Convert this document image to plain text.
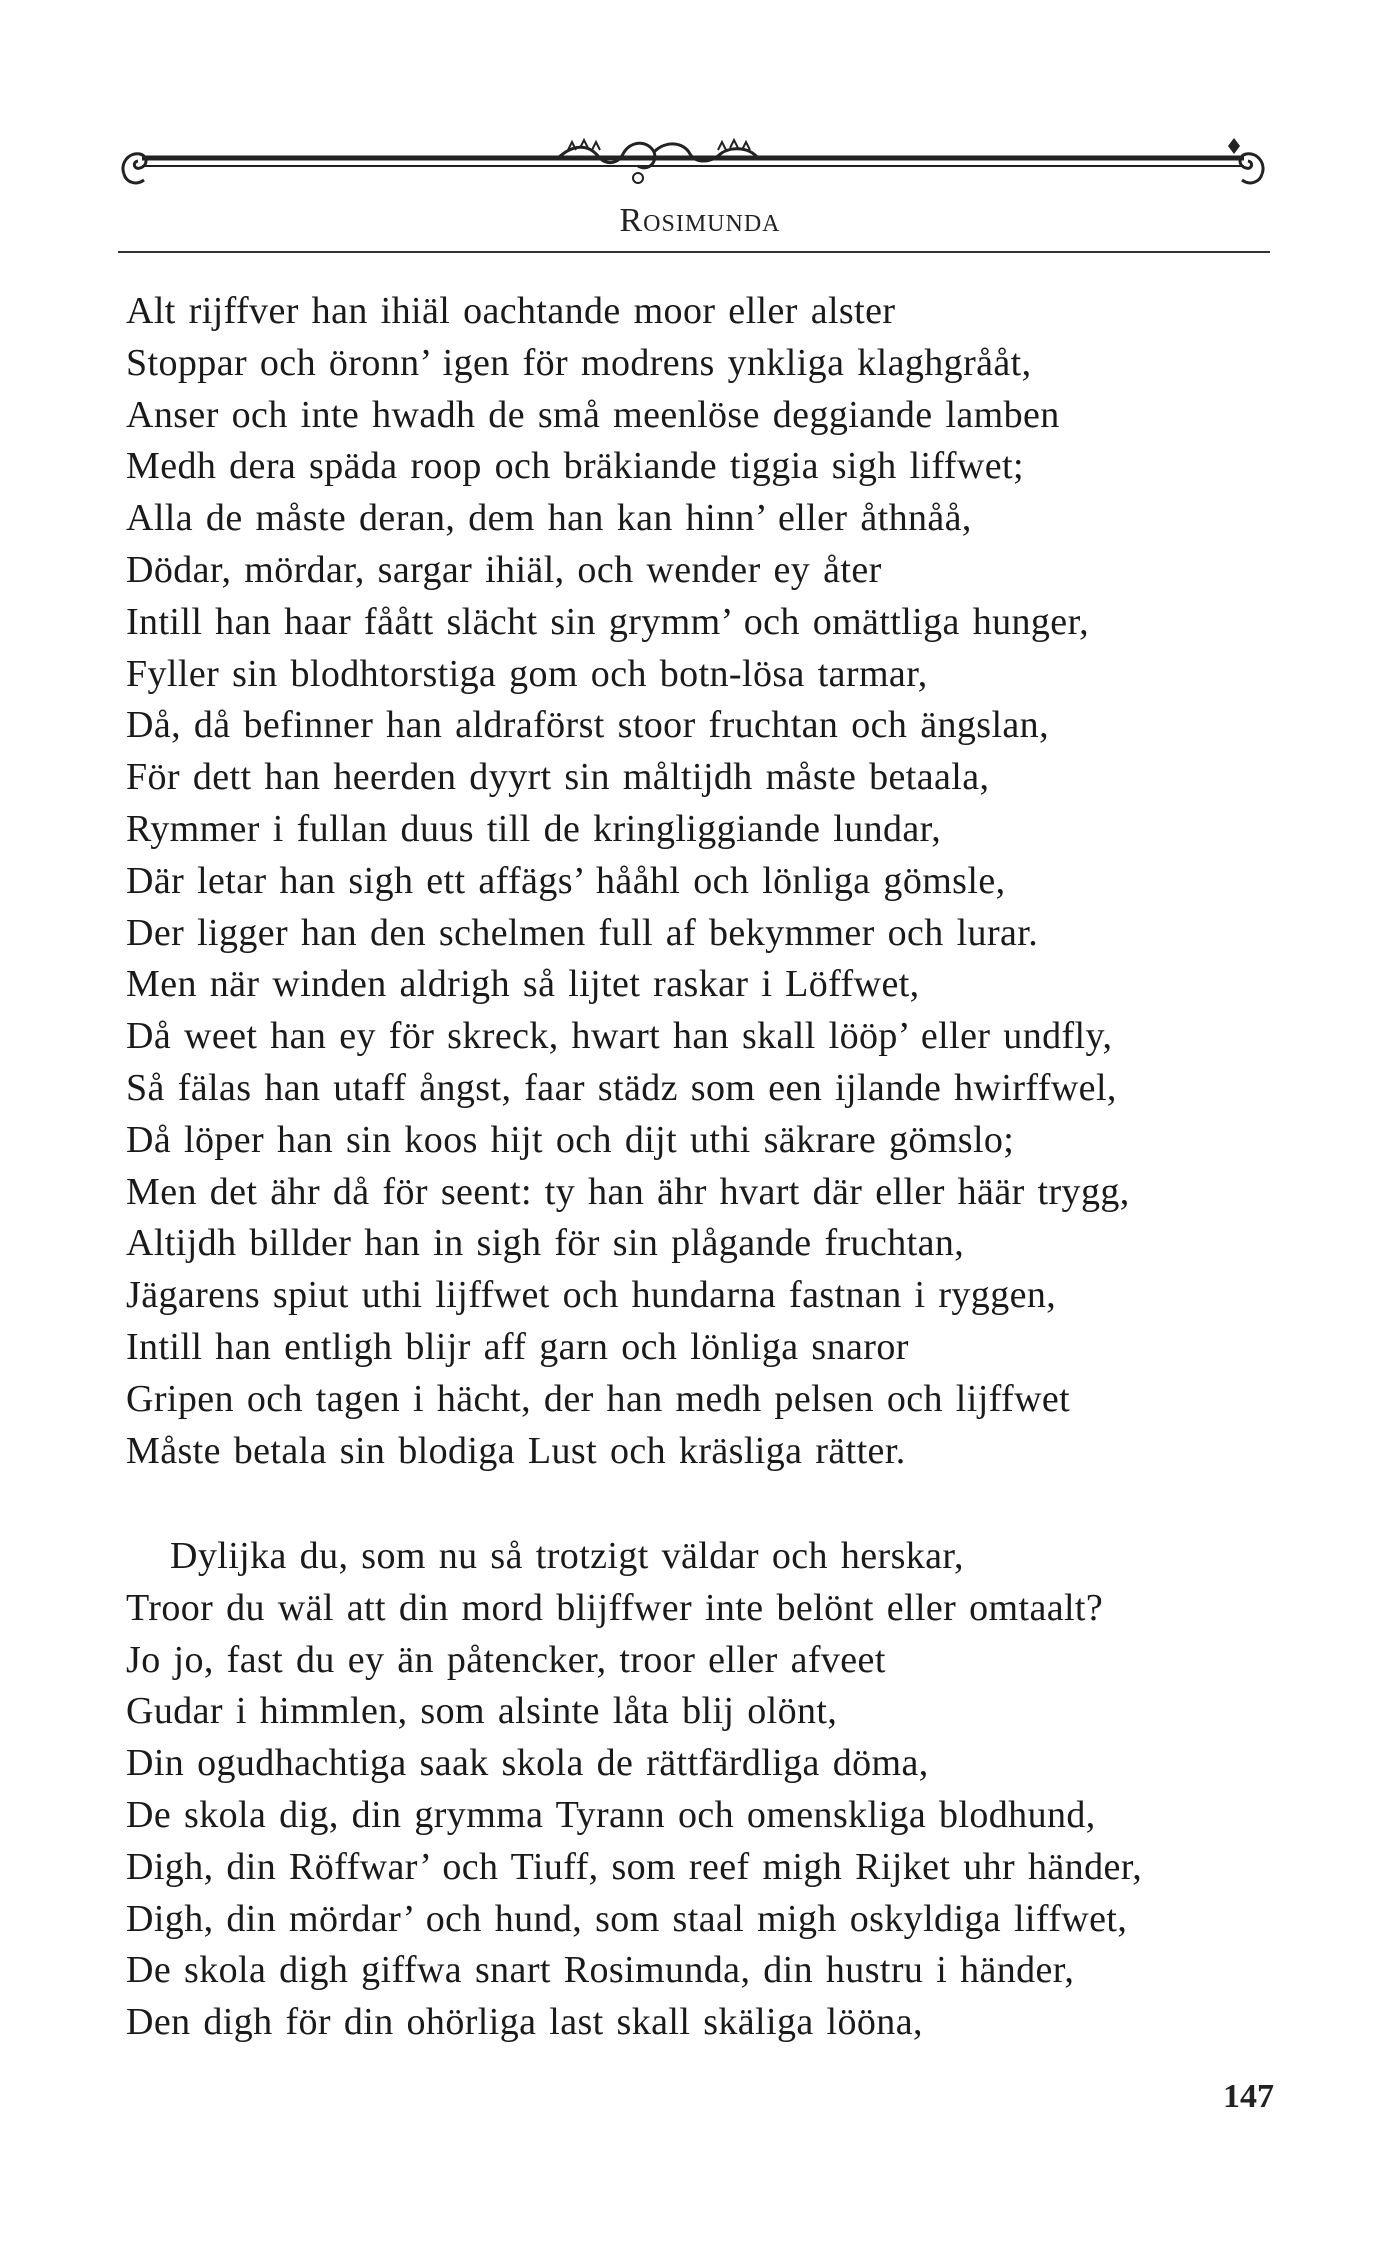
Rosimunda
Alt rijffver han ihiäl oachtande moor eller alster
Stoppar och öronn’ igen för modrens ynkliga klaghgrååt,
Anser och inte hwadh de små meenlöse deggiande lamben
Medh dera späda roop och bräkiande tiggia sigh liffwet;
Alla de måste deran, dem han kan hinn’ eller åthnåå,
Dödar, mördar, sargar ihiäl, och wender ey åter
Intill han haar fåått slächt sin grymm’ och omättliga hunger,
Fyller sin blodhtorstiga gom och botn-lösa tarmar,
Då, då befinner han aldraförst stoor fruchtan och ängslan,
För dett han heerden dyyrt sin måltijdh måste betaala,
Rymmer i fullan duus till de kringliggiande lundar,
Där letar han sigh ett affägs’ hååhl och lönliga gömsle,
Der ligger han den schelmen full af bekymmer och lurar.
Men när winden aldrigh så lijtet raskar i Löffwet,
Då weet han ey för skreck, hwart han skall lööp’ eller undfly,
Så fälas han utaff ångst, faar städz som een ijlande hwirffwel,
Då löper han sin koos hijt och dijt uthi säkrare gömslo;
Men det ähr då för seent: ty han ähr hvart där eller häär trygg,
Altijdh billder han in sigh för sin plågande fruchtan,
Jägarens spiut uthi lijffwet och hundarna fastnan i ryggen,
Intill han entligh blijr aff garn och lönliga snaror
Gripen och tagen i hächt, der han medh pelsen och lijffwet
Måste betala sin blodiga Lust och kräsliga rätter.
Dylijka du, som nu så trotzigt väldar och herskar,
Troor du wäl att din mord blijffwer inte belönt eller omtaalt?
Jo jo, fast du ey än påtencker, troor eller afveet
Gudar i himmlen, som alsinte låta blij olönt,
Din ogudhachtiga saak skola de rättfärdliga döma,
De skola dig, din grymma Tyrann och omenskliga blodhund,
Digh, din Röffwar’ och Tiuff, som reef migh Rijket uhr händer,
Digh, din mördar’ och hund, som staal migh oskyldiga liffwet,
De skola digh giffwa snart Rosimunda, din hustru i händer,
Den digh för din ohörliga last skall skäliga lööna,
147
